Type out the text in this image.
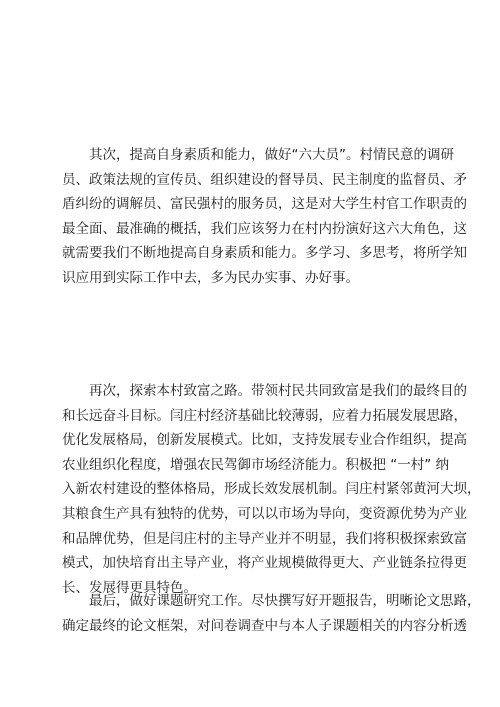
其次，提高自身素质和能力，做好“六大员”。村情民意的调研
员、政策法规的宣传员、组织建设的督导员、民主制度的监督员、矛
盾纠纷的调解员、富民强村的服务员，这是对大学生村官工作职责的
最全面、最准确的概括，我们应该努力在村内扮演好这六大角色，这
就需要我们不断地提高自身素质和能力。多学习、多思考，将所学知
识应用到实际工作中去，多为民办实事、办好事。
再次，探索本村致富之路。带领村民共同致富是我们的最终目的
和长远奋斗目标。闫庄村经济基础比较薄弱，应着力拓展发展思路，
优化发展格局，创新发展模式。比如，支持发展专业合作组织，提高
农业组织化程度，增强农民驾御市场经济能力。积极把 “一村” 纳
入新农村建设的整体格局，形成长效发展机制。闫庄村紧邻黄河大坝，
其粮食生产具有独特的优势，可以以市场为导向，变资源优势为产业
和品牌优势，但是闫庄村的主导产业并不明显，我们将积极探索致富
模式，加快培育出主导产业，将产业规模做得更大、产业链条拉得更
长、发展得更具特色。
最后，做好课题研究工作。尽快撰写好开题报告，明晰论文思路，
确定最终的论文框架，对问卷调查中与本人子课题相关的内容分析透
